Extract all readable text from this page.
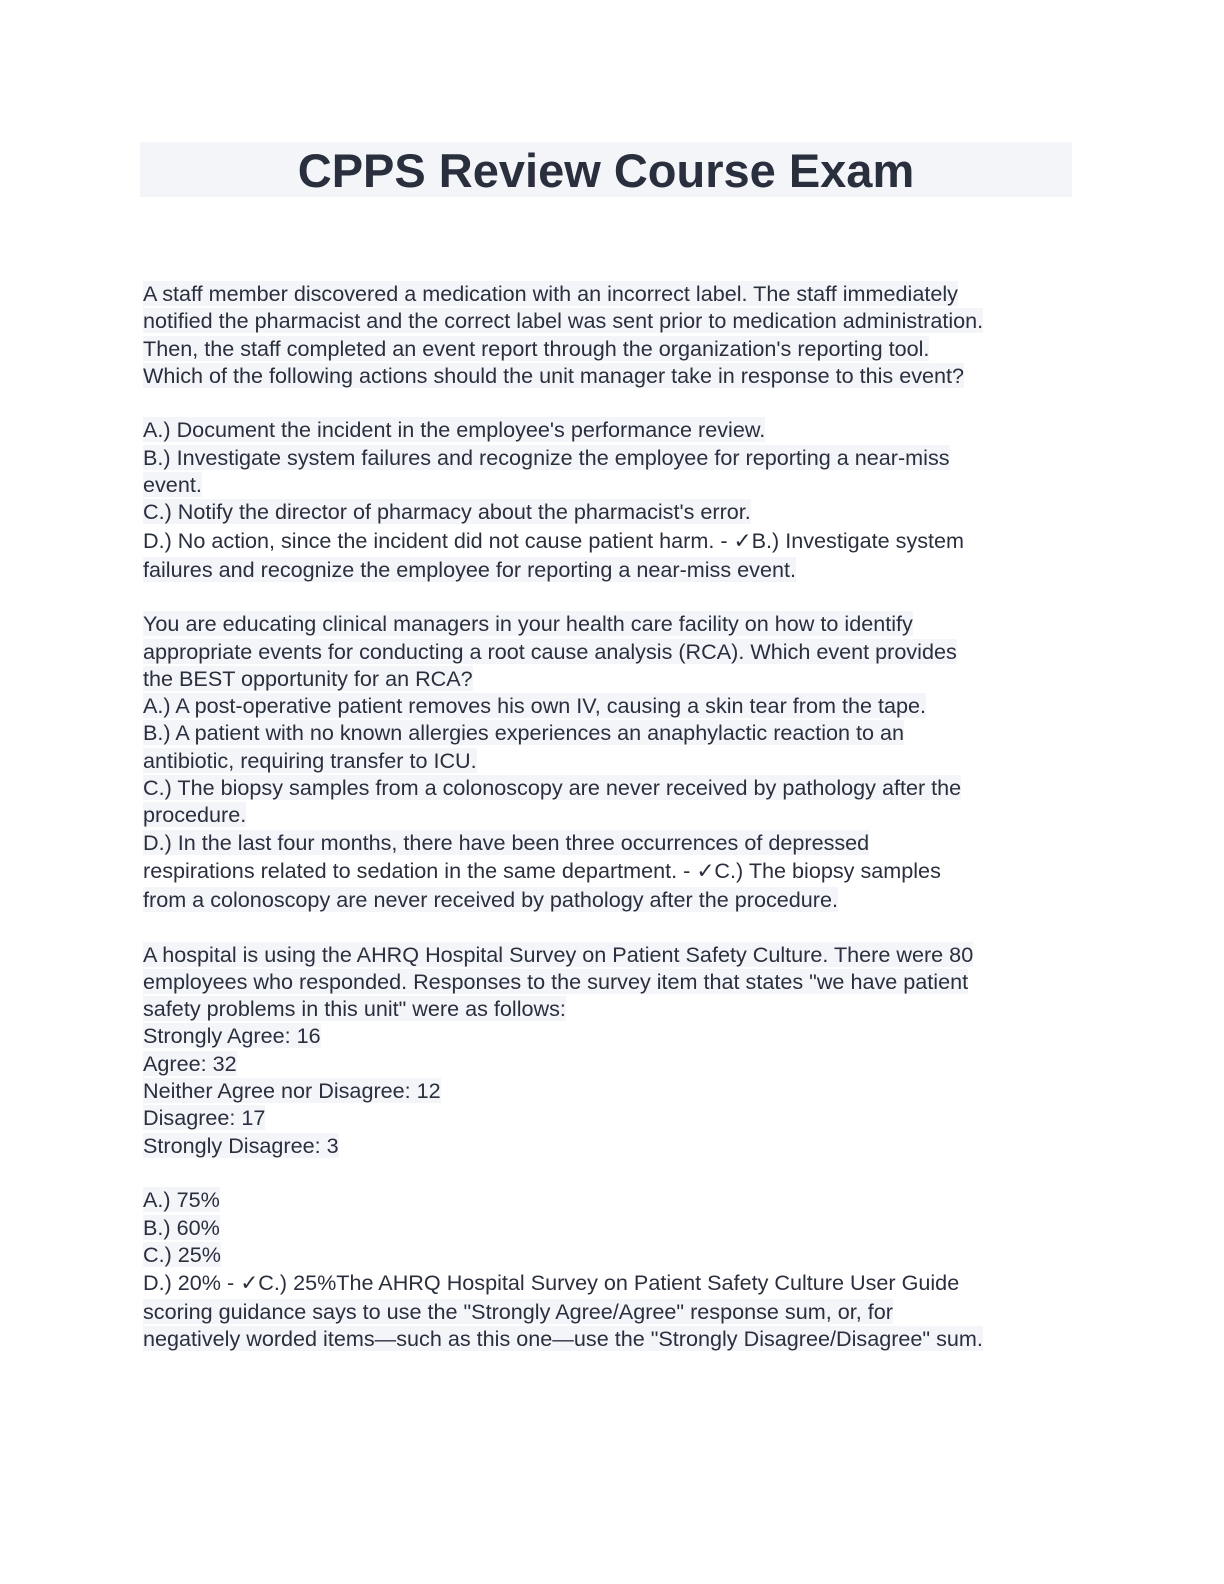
CPPS Review Course Exam
A staff member discovered a medication with an incorrect label. The staff immediately
notified the pharmacist and the correct label was sent prior to medication administration.
Then, the staff completed an event report through the organization's reporting tool.
Which of the following actions should the unit manager take in response to this event?
A.) Document the incident in the employee's performance review.
B.) Investigate system failures and recognize the employee for reporting a near-miss
event.
C.) Notify the director of pharmacy about the pharmacist's error.
D.) No action, since the incident did not cause patient harm. - ✓B.) Investigate system
failures and recognize the employee for reporting a near-miss event.
You are educating clinical managers in your health care facility on how to identify
appropriate events for conducting a root cause analysis (RCA). Which event provides
the BEST opportunity for an RCA?
A.) A post-operative patient removes his own IV, causing a skin tear from the tape.
B.) A patient with no known allergies experiences an anaphylactic reaction to an
antibiotic, requiring transfer to ICU.
C.) The biopsy samples from a colonoscopy are never received by pathology after the
procedure.
D.) In the last four months, there have been three occurrences of depressed
respirations related to sedation in the same department. - ✓C.) The biopsy samples
from a colonoscopy are never received by pathology after the procedure.
A hospital is using the AHRQ Hospital Survey on Patient Safety Culture. There were 80
employees who responded. Responses to the survey item that states "we have patient
safety problems in this unit" were as follows:
Strongly Agree: 16
Agree: 32
Neither Agree nor Disagree: 12
Disagree: 17
Strongly Disagree: 3
A.) 75%
B.) 60%
C.) 25%
D.) 20% - ✓C.) 25%The AHRQ Hospital Survey on Patient Safety Culture User Guide
scoring guidance says to use the "Strongly Agree/Agree" response sum, or, for
negatively worded items—such as this one—use the "Strongly Disagree/Disagree" sum.
